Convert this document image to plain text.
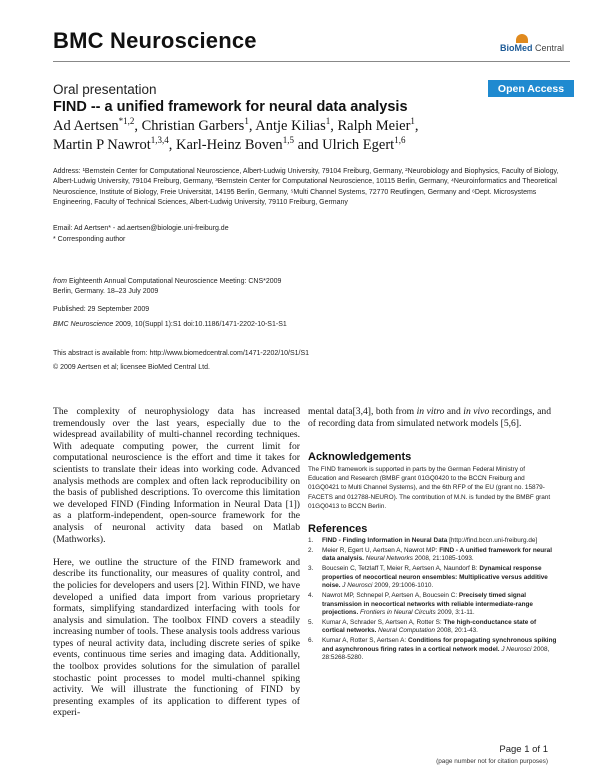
BMC Neuroscience	BioMed Central
Oral presentation	Open Access
FIND -- a unified framework for neural data analysis
Ad Aertsen$^{*1,2}$, Christian Garbers$^1$, Antje Kilias$^1$, Ralph Meier$^1$,
Martin P Nawrot$^{1,3,4}$, Karl-Heinz Boven$^{1,5}$ and Ulrich Egert$^{1,6}$
Address: ¹Bernstein Center for Computational Neuroscience, Albert-Ludwig University, 79104 Freiburg, Germany, ²Neurobiology and Biophysics, Faculty of Biology, Albert-Ludwig University, 79104 Freiburg, Germany, ³Bernstein Center for Computational Neuroscience, 10115 Berlin, Germany, ⁴Neuroinformatics and Theoretical Neuroscience, Institute of Biology, Freie Universität, 14195 Berlin, Germany, ⁵Multi Channel Systems, 72770 Reutlingen, Germany and ⁶Dept. Microsystems Engineering, Faculty of Technical Sciences, Albert-Ludwig University, 79110 Freiburg, Germany
Email: Ad Aertsen* - ad.aertsen@biologie.uni-freiburg.de
* Corresponding author
from Eighteenth Annual Computational Neuroscience Meeting: CNS*2009
Berlin, Germany. 18–23 July 2009
Published: 29 September 2009
BMC Neuroscience 2009, 10(Suppl 1):S1 doi:10.1186/1471-2202-10-S1-S1
This abstract is available from: http://www.biomedcentral.com/1471-2202/10/S1/S1
© 2009 Aertsen et al; licensee BioMed Central Ltd.

The complexity of neurophysiology data has increased tremendously over the last years, especially due to the widespread availability of multi-channel recording techniques. With adequate computing power, the current limit for computational neuroscience is the effort and time it takes for scientists to translate their ideas into working code. Advanced analysis methods are complex and often lack reproducibility on the basis of published descriptions. To overcome this limitation we developed FIND (Finding Information in Neural Data [1]) as a platform-independent, open-source framework for the analysis of neuronal activity data based on Matlab (Mathworks).

Here, we outline the structure of the FIND framework and describe its functionality, our measures of quality control, and the policies for developers and users [2]. Within FIND, we have developed a unified data import from various proprietary formats, simplifying standardized interfacing with tools for analysis and simulation. The toolbox FIND covers a steadily increasing number of tools. These analysis tools address various types of neural activity data, including discrete series of spike events, continuous time series and imaging data. Additionally, the toolbox provides solutions for the simulation of parallel stochastic point processes to model multi-channel spiking activity. We will illustrate the functioning of FIND by presenting examples of its application to different types of experi-

mental data[3,4], both from in vitro and in vivo recordings, and of recording data from simulated network models [5,6].

Acknowledgements
The FIND framework is supported in parts by the German Federal Ministry of Education and Research (BMBF grant 01GQ0420 to the BCCN Freiburg and 01GQ0421 to Multi Channel Systems), and the 6th RFP of the EU (grant no. 15879-FACETS and 012788-NEURO). The contribution of M.N. is funded by the BMBF grant 01GQ0413 to BCCN Berlin.
References
1. FIND - Finding Information in Neural Data [http://find.bccn.uni-freiburg.de]
2. Meier R, Egert U, Aertsen A, Nawrot MP: FIND - A unified framework for neural data analysis. Neural Networks 2008, 21:1085-1093.
3. Boucsein C, Tetzlaff T, Meier R, Aertsen A, Naundorf B: Dynamical response properties of neocortical neuron ensembles: Multiplicative versus additive noise. J Neurosci 2009, 29:1006-1010.
4. Nawrot MP, Schnepel P, Aertsen A, Boucsein C: Precisely timed signal transmission in neocortical networks with reliable intermediate-range projections. Frontiers in Neural Circuits 2009, 3:1-11.
5. Kumar A, Schrader S, Aertsen A, Rotter S: The high-conductance state of cortical networks. Neural Computation 2008, 20:1-43.
6. Kumar A, Rotter S, Aertsen A: Conditions for propagating synchronous spiking and asynchronous firing rates in a cortical network model. J Neurosci 2008, 28:5268-5280.
Page 1 of 1
(page number not for citation purposes)
